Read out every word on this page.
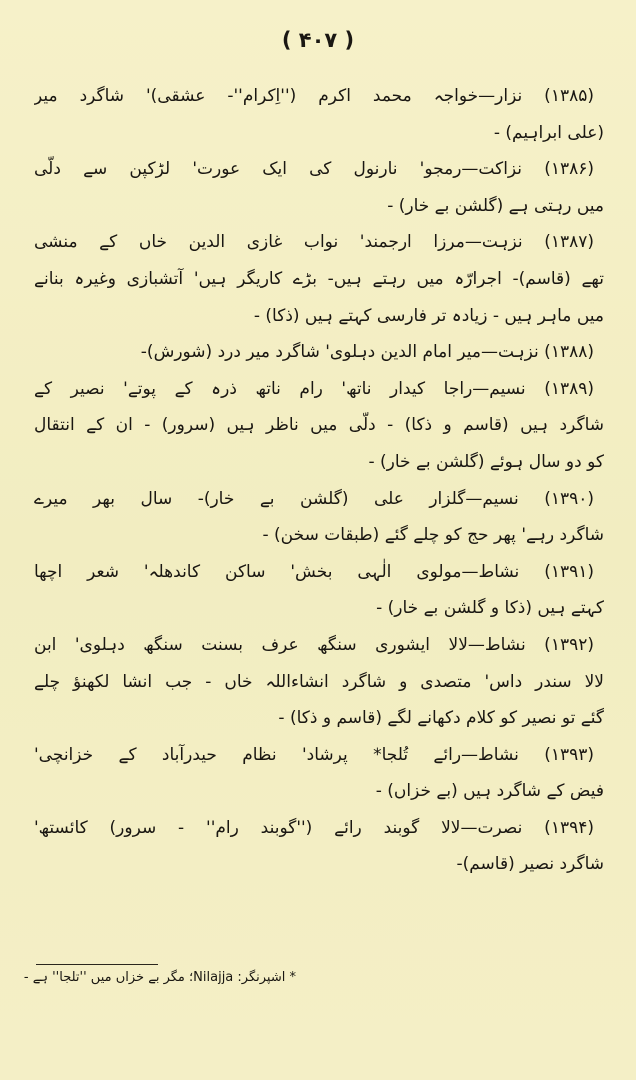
( ۴۰۷ )

(۱۳۸۵) نزار—خواجہ محمد اکرم (''اِکرام''- عشقی)' شاگرد میر

(علی ابراہیم) -

(۱۳۸۶) نزاکت—رمجو' نارنول کی ایک عورت' لڑکپن سے دلّی

میں رہتی ہے (گلشن بے خار) -

(۱۳۸۷) نزہت—مرزا ارجمند' نواب غازی الدین خاں کے منشی

تھے (قاسم)- اجرارّہ میں رہتے ہیں- بڑے کاریگر ہیں' آتشبازی وغیرہ بنانے

میں ماہر ہیں - زیادہ تر فارسی کہتے ہیں (ذکا) -

(۱۳۸۸) نزہت—میر امام الدین دہلوی' شاگرد میر درد (شورش)-

(۱۳۸۹) نسیم—راجا کیدار ناتھ' رام ناتھ ذرہ کے پوتے' نصیر کے

شاگرد ہیں (قاسم و ذکا) - دلّی میں ناظر ہیں (سرور) - ان کے انتقال

کو دو سال ہوئے (گلشن بے خار) -

(۱۳۹۰) نسیم—گلزار علی (گلشن بے خار)- سال بھر میرے

شاگرد رہے' پھر حج کو چلے گئے (طبقات سخن) -

(۱۳۹۱) نشاط—مولوی الٰہی بخش' ساکن کاندھلہ' شعر اچھا

کہتے ہیں (ذکا و گلشن بے خار) -

(۱۳۹۲) نشاط—لالا ایشوری سنگھ عرف بسنت سنگھ دہلوی' ابن

لالا سندر داس' متصدی و شاگرد انشاءاللہ خاں - جب انشا لکھنؤ چلے

گئے تو نصیر کو کلام دکھانے لگے (قاسم و ذکا) -

(۱۳۹۳) نشاط—رائے تُلجا* پرشاد' نظام حیدرآباد کے خزانچی'

فیض کے شاگرد ہیں (بے خزاں) -

(۱۳۹۴) نصرت—لالا گوبند رائے (''گوبند رام'' - سرور) کائستھ'

شاگرد نصیر (قاسم)-

* اشپرنگر: Nilajja؛ مگر بے خزاں میں ''تلجا'' ہے -
